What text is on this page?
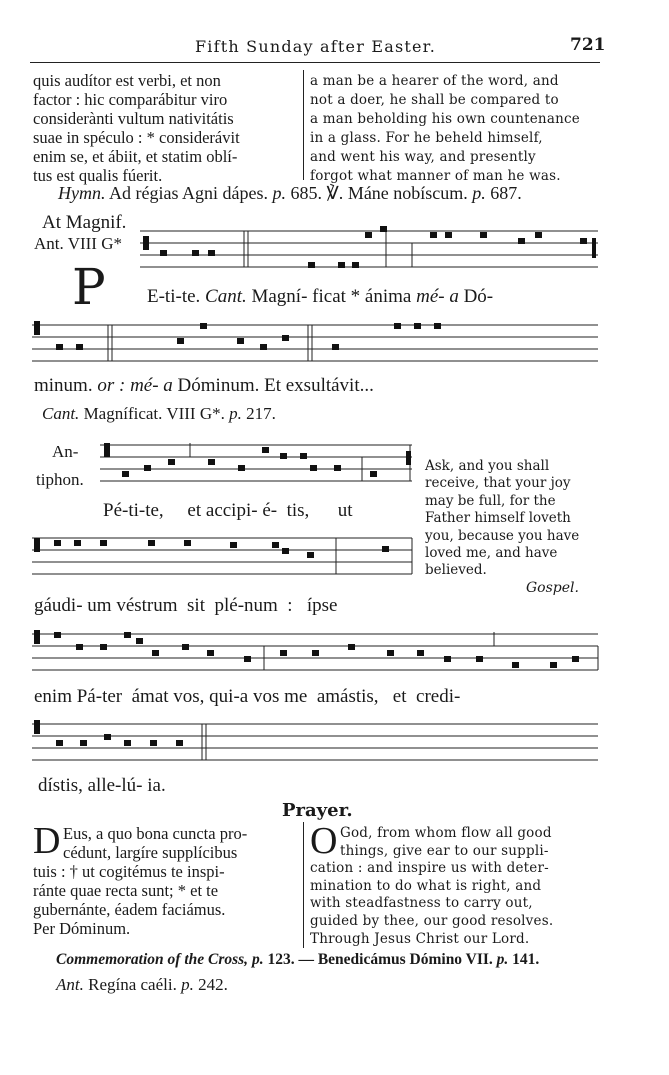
Fifth Sunday after Easter.	721
quis audítor est verbi, et non
factor : hic comparábitur viro
considerànti vultum nativitátis
suae in spéculo : * considerávit
enim se, et ábiit, et statim oblí-
tus est qualis fúerit.
a man be a hearer of the word, and
not a doer, he shall be compared to
a man beholding his own countenance
in a glass. For he beheld himself,
and went his way, and presently
forgot what manner of man he was.
Hymn. Ad régias Agni dápes. p. 685. ℣. Máne nobíscum. p. 687.
At Magnif.
Ant. VIII G*
P E-ti-te. Cant. Magní- ficat * ánima mé- a Dó-
minum. or : mé- a Dóminum. Et exsultávit...
Cant. Magníficat. VIII G*. p. 217.
An-
tiphon.
Pé-ti-te,     et accipi- é-  tis,      ut
Ask, and you shall
receive, that your joy
may be full, for the
Father himself loveth
you, because you have
loved me, and have
believed.
Gospel.
gáudi- um véstrum  sit  plé-num  :   ípse
enim Pá-ter  ámat vos, qui-a vos me  amástis,   et  credi-
dístis, alle-lú- ia.
Prayer.
D Eus, a quo bona cuncta pro-
cédunt, largíre supplícibus
tuis : † ut cogitémus te inspi-
ránte quae recta sunt; * et te
gubernánte, éadem faciámus.
Per Dóminum.
O God, from whom flow all good
things, give ear to our suppli-
cation : and inspire us with deter-
mination to do what is right, and
with steadfastness to carry out,
guided by thee, our good resolves.
Through Jesus Christ our Lord.
Commemoration of the Cross, p. 123. — Benedicámus Dómino VII. p. 141.
Ant. Regína caéli. p. 242.
